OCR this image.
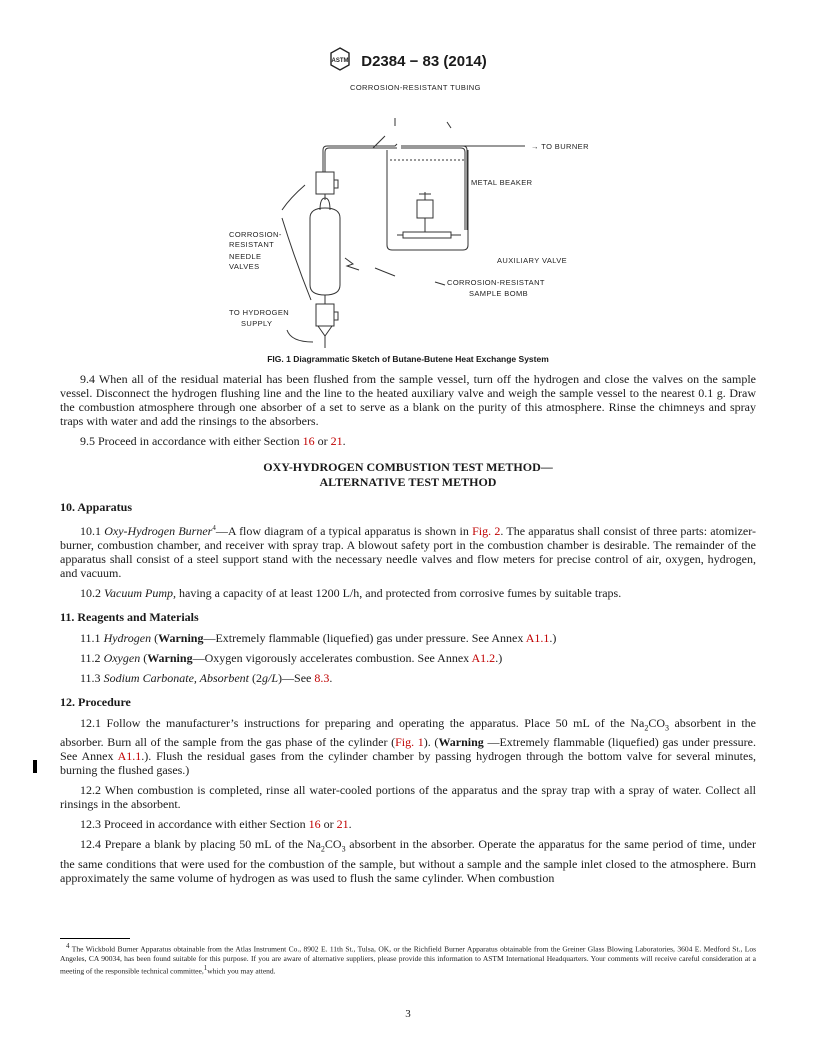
ASTM D2384 − 83 (2014)
CORROSION-RESISTANT TUBING
→ TO BURNER
METAL BEAKER
CORROSION-
RESISTANT
NEEDLE
VALVES
AUXILIARY VALVE
CORROSION-RESISTANT
SAMPLE BOMB
TO HYDROGEN
SUPPLY
FIG. 1 Diagrammatic Sketch of Butane-Butene Heat Exchange System

9.4 When all of the residual material has been flushed from the sample vessel, turn off the hydrogen and close the valves on the sample vessel. Disconnect the hydrogen flushing line and the line to the heated auxiliary valve and weigh the sample vessel to the nearest 0.1 g. Draw the combustion atmosphere through one absorber of a set to serve as a blank on the purity of this atmosphere. Rinse the chimneys and spray traps with water and add the rinsings to the absorbers.

9.5 Proceed in accordance with either Section 16 or 21.

OXY-HYDROGEN COMBUSTION TEST METHOD—
ALTERNATIVE TEST METHOD
10. Apparatus

10.1 Oxy-Hydrogen Burner$^4$—A flow diagram of a typical apparatus is shown in Fig. 2. The apparatus shall consist of three parts: atomizer-burner, combustion chamber, and receiver with spray trap. A blowout safety port in the combustion chamber is desirable. The remainder of the apparatus shall consist of a steel support stand with the necessary needle valves and flow meters for precise control of air, oxygen, hydrogen, and vacuum.

10.2 Vacuum Pump, having a capacity of at least 1200 L/h, and protected from corrosive fumes by suitable traps.

11. Reagents and Materials

11.1 Hydrogen (Warning—Extremely flammable (liquefied) gas under pressure. See Annex A1.1.)

11.2 Oxygen (Warning—Oxygen vigorously accelerates combustion. See Annex A1.2.)

11.3 Sodium Carbonate, Absorbent (2g/L)—See 8.3.

12. Procedure

12.1 Follow the manufacturer’s instructions for preparing and operating the apparatus. Place 50 mL of the $Na_2CO_3$ absorbent in the absorber. Burn all of the sample from the gas phase of the cylinder (Fig. 1). (Warning —Extremely flammable (liquefied) gas under pressure. See Annex A1.1.). Flush the residual gases from the cylinder chamber by passing hydrogen through the bottom valve for several minutes, burning the flushed gases.)

12.2 When combustion is completed, rinse all water-cooled portions of the apparatus and the spray trap with a spray of water. Collect all rinsings in the absorbent.

12.3 Proceed in accordance with either Section 16 or 21.

12.4 Prepare a blank by placing 50 mL of the $Na_2CO_3$ absorbent in the absorber. Operate the apparatus for the same period of time, under the same conditions that were used for the combustion of the sample, but without a sample and the sample inlet closed to the atmosphere. Burn approximately the same volume of hydrogen as was used to flush the same cylinder. When combustion

$^4$ The Wickbold Burner Apparatus obtainable from the Atlas Instrument Co., 8902 E. 11th St., Tulsa, OK, or the Richfield Burner Apparatus obtainable from the Greiner Glass Blowing Laboratories, 3604 E. Medford St., Los Angeles, CA 90034, has been found suitable for this purpose. If you are aware of alternative suppliers, please provide this information to ASTM International Headquarters. Your comments will receive careful consideration at a meeting of the responsible technical committee,$^1$which you may attend.
3
